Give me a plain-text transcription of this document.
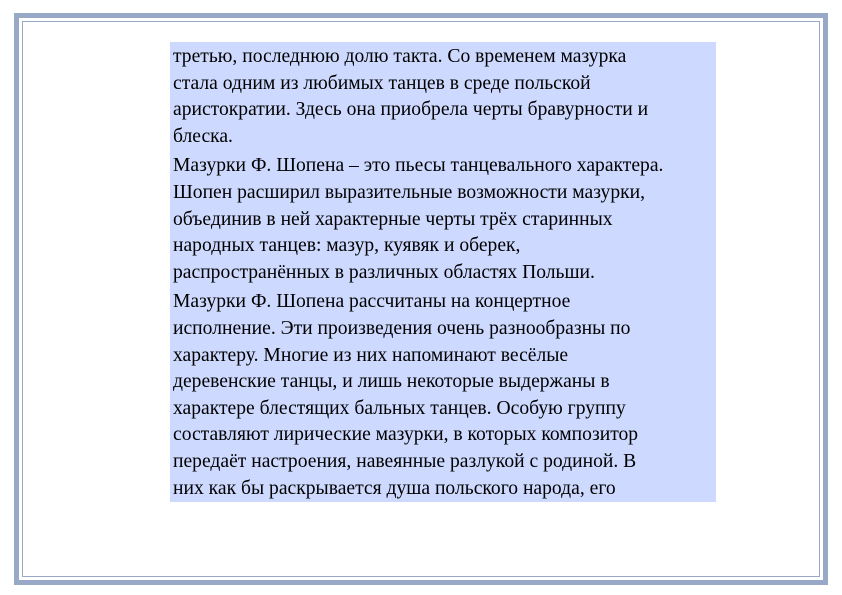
третью, последнюю долю такта. Со временем мазурка
стала одним из любимых танцев в среде польской
аристократии. Здесь она приобрела черты бравурности и
блеска.

Мазурки Ф. Шопена – это пьесы танцевального характера.
Шопен расширил выразительные возможности мазурки,
объединив в ней характерные черты трёх старинных
народных танцев: мазур, куявяк и оберек,
распространённых в различных областях Польши.

Мазурки Ф. Шопена рассчитаны на концертное
исполнение. Эти произведения очень разнообразны по
характеру. Многие из них напоминают весёлые
деревенские танцы, и лишь некоторые выдержаны в
характере блестящих бальных танцев. Особую группу
составляют лирические мазурки, в которых композитор
передаёт настроения, навеянные разлукой с родиной. В
них как бы раскрывается душа польского народа, его
